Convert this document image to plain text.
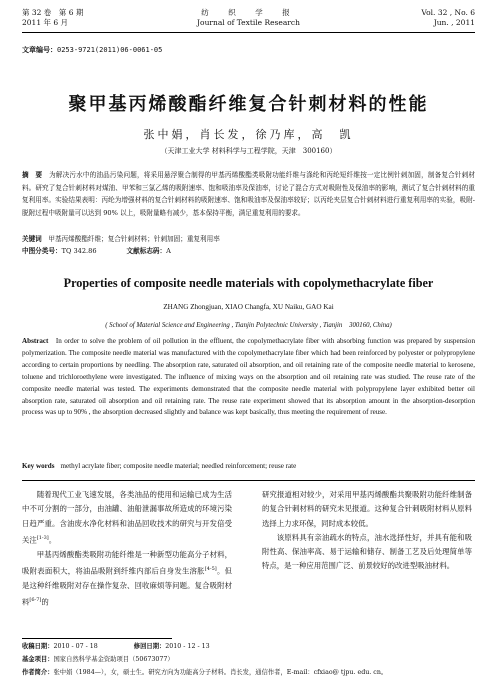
第 32 卷　第 6 期
2011 年 6 月
纺　织　学　报
Journal of Textile Research
Vol. 32 , No. 6
Jun. , 2011
文章编号：0253-9721(2011)06-0061-05
聚甲基丙烯酸酯纤维复合针刺材料的性能
张中娟，肖长发，徐乃库，高　凯
（天津工业大学 材料科学与工程学院，天津　300160）
摘　要　 为解决污水中的油品污染问题，将采用悬浮聚合制得的甲基丙烯酸酯类吸附功能纤维与涤纶和丙纶短纤维按一定比例针刺加固，制备复合针刺材料。研究了复合针刺材料对煤油、甲苯和三氯乙烯的吸附速率、饱和吸油率及保油率，讨论了混合方式对吸附性及保油率的影响，测试了复合针刺材料的重复利用率。实验结果表明：丙纶为增强材料的复合针刺材料的吸附速率、饱和吸油率及保油率较好；以丙纶夹层复合针刺材料进行重复利用率的实验，吸附-脱附过程中吸附量可以达到 90% 以上，吸附量略有减少，基本保持平衡，满足重复利用的要求。
关键词　 甲基丙烯酸酯纤维；复合针刺材料；针刺加固；重复利用率
中图分类号：TQ 342.86	文献标志码：A
Properties of composite needle materials with copolymethacrylate fiber
ZHANG Zhongjuan, XIAO Changfa, XU Naiku, GAO Kai
( School of Material Science and Engineering , Tianjin Polytechnic University , Tianjin　300160, China)
Abstract In order to solve the problem of oil pollution in the effluent, the copolymethacrylate fiber with absorbing function was prepared by suspension polymerization. The composite needle material was manufactured with the copolymethacrylate fiber which had been reinforced by polyester or polypropylene according to certain proportions by needling. The absorption rate, saturated oil absorption, and oil retaining rate of the composite needle material to kerosene, toluene and trichloroethylene were investigated. The influence of mixing ways on the absorption and oil retaining rate was studied. The reuse rate of the composite needle material was tested. The experiments demonstrated that the composite needle material with polypropylene layer exhibited better oil absorption rate, saturated oil absorption and oil retaining rate. The reuse rate experiment showed that its absorption amount in the absorption-desorption process was up to 90% , the absorption decreased slightly and balance was kept basically, thus meeting the requirement of reuse.
Key words methyl acrylate fiber; composite needle material; needled reinforcement; reuse rate

随着现代工业飞速发展，各类油品的使用和运输已成为生活中不可分割的一部分，由油罐、油船泄漏事故所造成的环境污染日趋严重。含油废水净化材料和油品回收技术的研究与开发倍受关注[1-3]。

甲基丙烯酸酯类吸附功能纤维是一种新型功能高分子材料，吸附表面积大，将油品吸附到纤维内部后自身发生溶胀[4-5]。但是这种纤维吸附对存在操作复杂、回收麻烦等问题。复合吸附材料[6-7]的

研究报道相对较少，对采用甲基丙烯酸酯共聚吸附功能纤维制备的复合针刺材料的研究未见报道。这种复合针刺吸附材料从原料选择上力求环保，同时成本较低。

该原料具有亲油疏水的特点，油水选择性好，并具有能和吸附性高、保油率高、易于运输和储存、制备工艺及后处理简单等特点，是一种应用范围广泛、前景较好的改进型吸油材料。

收稿日期：2010 - 07 - 18	修回日期：2010 - 12 - 13
基金项目：国家自然科学基金资助项目（50673077）
作者简介：张中娟（1984—），女，硕士生。研究方向为功能高分子材料。肖长发，通信作者，E-mail：cfxiao@ tjpu. edu. cn。
